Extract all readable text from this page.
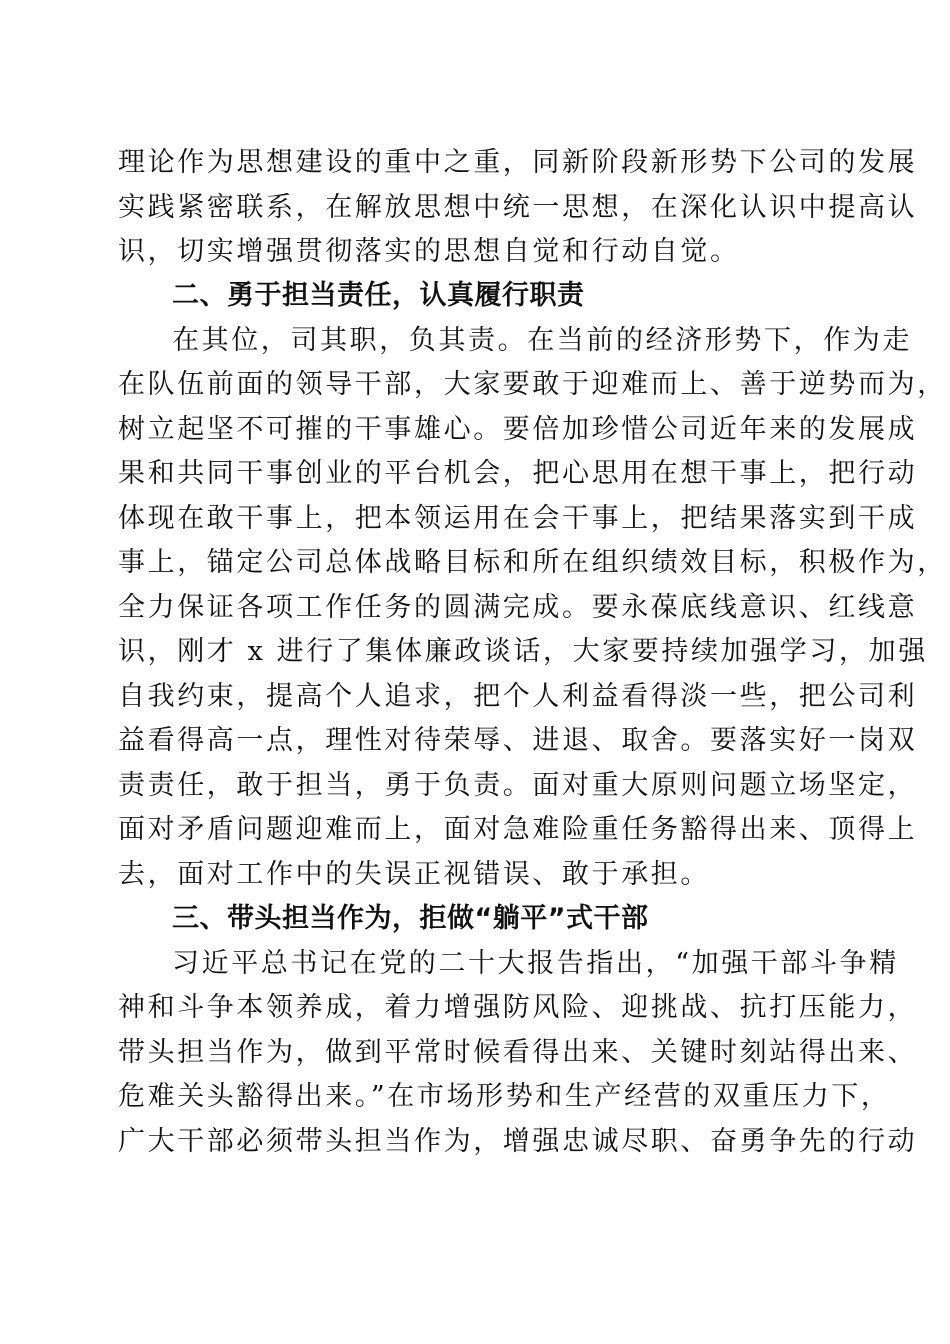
理论作为思想建设的重中之重，同新阶段新形势下公司的发展
实践紧密联系，在解放思想中统一思想，在深化认识中提高认
识，切实增强贯彻落实的思想自觉和行动自觉。
二、勇于担当责任，认真履行职责
在其位，司其职，负其责。在当前的经济形势下，作为走
在队伍前面的领导干部，大家要敢于迎难而上、善于逆势而为，
树立起坚不可摧的干事雄心。要倍加珍惜公司近年来的发展成
果和共同干事创业的平台机会，把心思用在想干事上，把行动
体现在敢干事上，把本领运用在会干事上，把结果落实到干成
事上，锚定公司总体战略目标和所在组织绩效目标，积极作为，
全力保证各项工作任务的圆满完成。要永葆底线意识、红线意
识，刚才 x 进行了集体廉政谈话，大家要持续加强学习，加强
自我约束，提高个人追求，把个人利益看得淡一些，把公司利
益看得高一点，理性对待荣辱、进退、取舍。要落实好一岗双
责责任，敢于担当，勇于负责。面对重大原则问题立场坚定，
面对矛盾问题迎难而上，面对急难险重任务豁得出来、顶得上
去，面对工作中的失误正视错误、敢于承担。
三、带头担当作为，拒做“躺平”式干部
习近平总书记在党的二十大报告指出，“加强干部斗争精
神和斗争本领养成，着力增强防风险、迎挑战、抗打压能力，
带头担当作为，做到平常时候看得出来、关键时刻站得出来、
危难关头豁得出来。”在市场形势和生产经营的双重压力下，
广大干部必须带头担当作为，增强忠诚尽职、奋勇争先的行动
